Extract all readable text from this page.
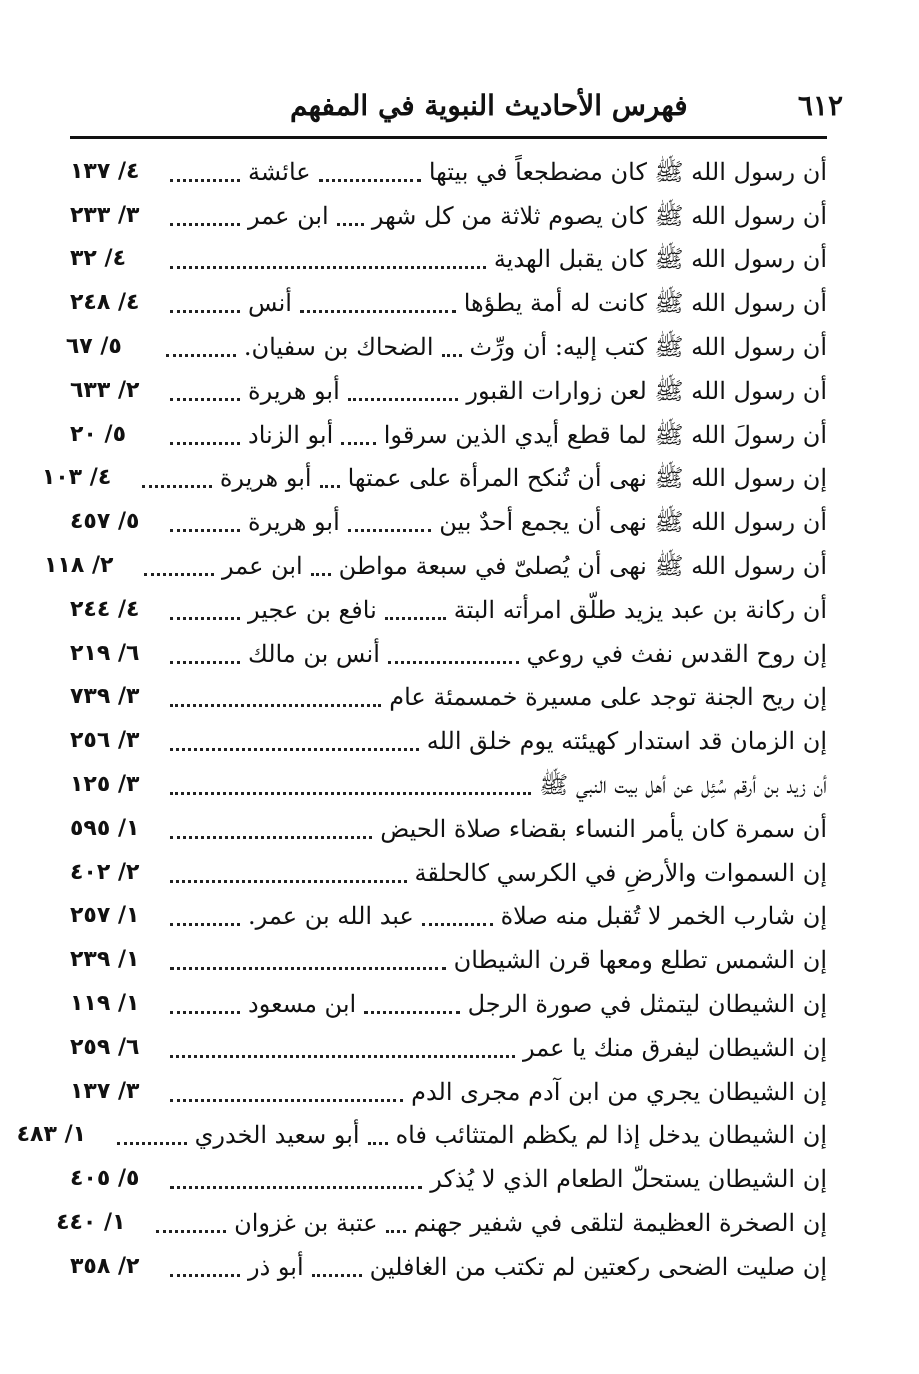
٦١٢
فهرس الأحاديث النبوية في المفهم
أن رسول الله ﷺ كان مضطجعاً في بيتها
عائشة
٤/ ١٣٧
أن رسول الله ﷺ كان يصوم ثلاثة من كل شهر
ابن عمر
٣/ ٢٣٣
أن رسول الله ﷺ كان يقبل الهدية
٤/ ٣٢
أن رسول الله ﷺ كانت له أمة يطؤها
أنس
٤/ ٢٤٨
أن رسول الله ﷺ كتب إليه: أن ورِّث
الضحاك بن سفيان.
٥/ ٦٧
أن رسول الله ﷺ لعن زوارات القبور
أبو هريرة
٢/ ٦٣٣
أن رسولَ الله ﷺ لما قطع أيدي الذين سرقوا
أبو الزناد
٥/ ٢٠
إن رسول الله ﷺ نهى أن تُنكح المرأة على عمتها
أبو هريرة
٤/ ١٠٣
أن رسول الله ﷺ نهى أن يجمع أحدٌ بين
أبو هريرة
٥/ ٤٥٧
أن رسول الله ﷺ نهى أن يُصلىّ في سبعة مواطن
ابن عمر
٢/ ١١٨
أن ركانة بن عبد يزيد طلّق امرأته البتة
نافع بن عجير
٤/ ٢٤٤
إن روح القدس نفث في روعي
أنس بن مالك
٦/ ٢١٩
إن ريح الجنة توجد على مسيرة خمسمئة عام
٣/ ٧٣٩
إن الزمان قد استدار كهيئته يوم خلق الله
٣/ ٢٥٦
أن زيد بن أرقم سُئِل عن أهل بيت النبي ﷺ
٣/ ١٢٥
أن سمرة كان يأمر النساء بقضاء صلاة الحيض
١/ ٥٩٥
إن السموات والأرضِ في الكرسي كالحلقة
٢/ ٤٠٢
إن شارب الخمر لا تُقبل منه صلاة
عبد الله بن عمر.
١/ ٢٥٧
إن الشمس تطلع ومعها قرن الشيطان
١/ ٢٣٩
إن الشيطان ليتمثل في صورة الرجل
ابن مسعود
١/ ١١٩
إن الشيطان ليفرق منك يا عمر
٦/ ٢٥٩
إن الشيطان يجري من ابن آدم مجرى الدم
٣/ ١٣٧
إن الشيطان يدخل إذا لم يكظم المتثائب فاه
أبو سعيد الخدري
١/ ٤٨٣
إن الشيطان يستحلّ الطعام الذي لا يُذكر
٥/ ٤٠٥
إن الصخرة العظيمة لتلقى في شفير جهنم
عتبة بن غزوان
١/ ٤٤٠
إن صليت الضحى ركعتين لم تكتب من الغافلين
أبو ذر
٢/ ٣٥٨
